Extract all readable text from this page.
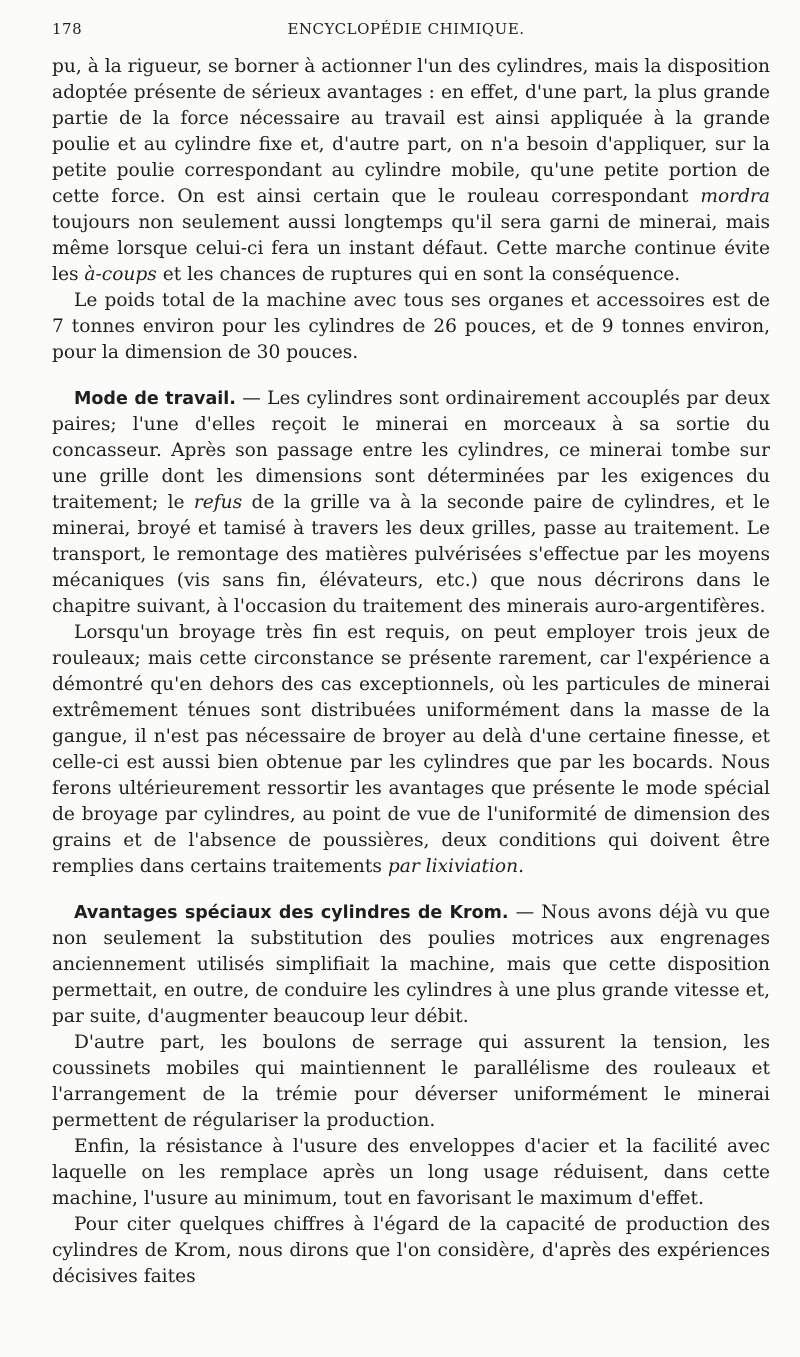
178	ENCYCLOPÉDIE CHIMIQUE.

pu, à la rigueur, se borner à actionner l'un des cylindres, mais la disposition adoptée présente de sérieux avantages : en effet, d'une part, la plus grande partie de la force nécessaire au travail est ainsi appliquée à la grande poulie et au cylindre fixe et, d'autre part, on n'a besoin d'appliquer, sur la petite poulie correspondant au cylindre mobile, qu'une petite portion de cette force. On est ainsi certain que le rouleau correspondant mordra toujours non seulement aussi longtemps qu'il sera garni de minerai, mais même lorsque celui-ci fera un instant défaut. Cette marche continue évite les à-coups et les chances de ruptures qui en sont la conséquence.

Le poids total de la machine avec tous ses organes et accessoires est de 7 tonnes environ pour les cylindres de 26 pouces, et de 9 tonnes environ, pour la dimension de 30 pouces.

Mode de travail. — Les cylindres sont ordinairement accouplés par deux paires; l'une d'elles reçoit le minerai en morceaux à sa sortie du concasseur. Après son passage entre les cylindres, ce minerai tombe sur une grille dont les dimensions sont déterminées par les exigences du traitement; le refus de la grille va à la seconde paire de cylindres, et le minerai, broyé et tamisé à travers les deux grilles, passe au traitement. Le transport, le remontage des matières pulvérisées s'effectue par les moyens mécaniques (vis sans fin, élévateurs, etc.) que nous décrirons dans le chapitre suivant, à l'occasion du traitement des minerais auro-argentifères.

Lorsqu'un broyage très fin est requis, on peut employer trois jeux de rouleaux; mais cette circonstance se présente rarement, car l'expérience a démontré qu'en dehors des cas exceptionnels, où les particules de minerai extrêmement ténues sont distribuées uniformément dans la masse de la gangue, il n'est pas nécessaire de broyer au delà d'une certaine finesse, et celle-ci est aussi bien obtenue par les cylindres que par les bocards. Nous ferons ultérieurement ressortir les avantages que présente le mode spécial de broyage par cylindres, au point de vue de l'uniformité de dimension des grains et de l'absence de poussières, deux conditions qui doivent être remplies dans certains traitements par lixiviation.

Avantages spéciaux des cylindres de Krom. — Nous avons déjà vu que non seulement la substitution des poulies motrices aux engrenages anciennement utilisés simplifiait la machine, mais que cette disposition permettait, en outre, de conduire les cylindres à une plus grande vitesse et, par suite, d'augmenter beaucoup leur débit.

D'autre part, les boulons de serrage qui assurent la tension, les coussinets mobiles qui maintiennent le parallélisme des rouleaux et l'arrangement de la trémie pour déverser uniformément le minerai permettent de régulariser la production.

Enfin, la résistance à l'usure des enveloppes d'acier et la facilité avec laquelle on les remplace après un long usage réduisent, dans cette machine, l'usure au minimum, tout en favorisant le maximum d'effet.

Pour citer quelques chiffres à l'égard de la capacité de production des cylindres de Krom, nous dirons que l'on considère, d'après des expériences décisives faites
